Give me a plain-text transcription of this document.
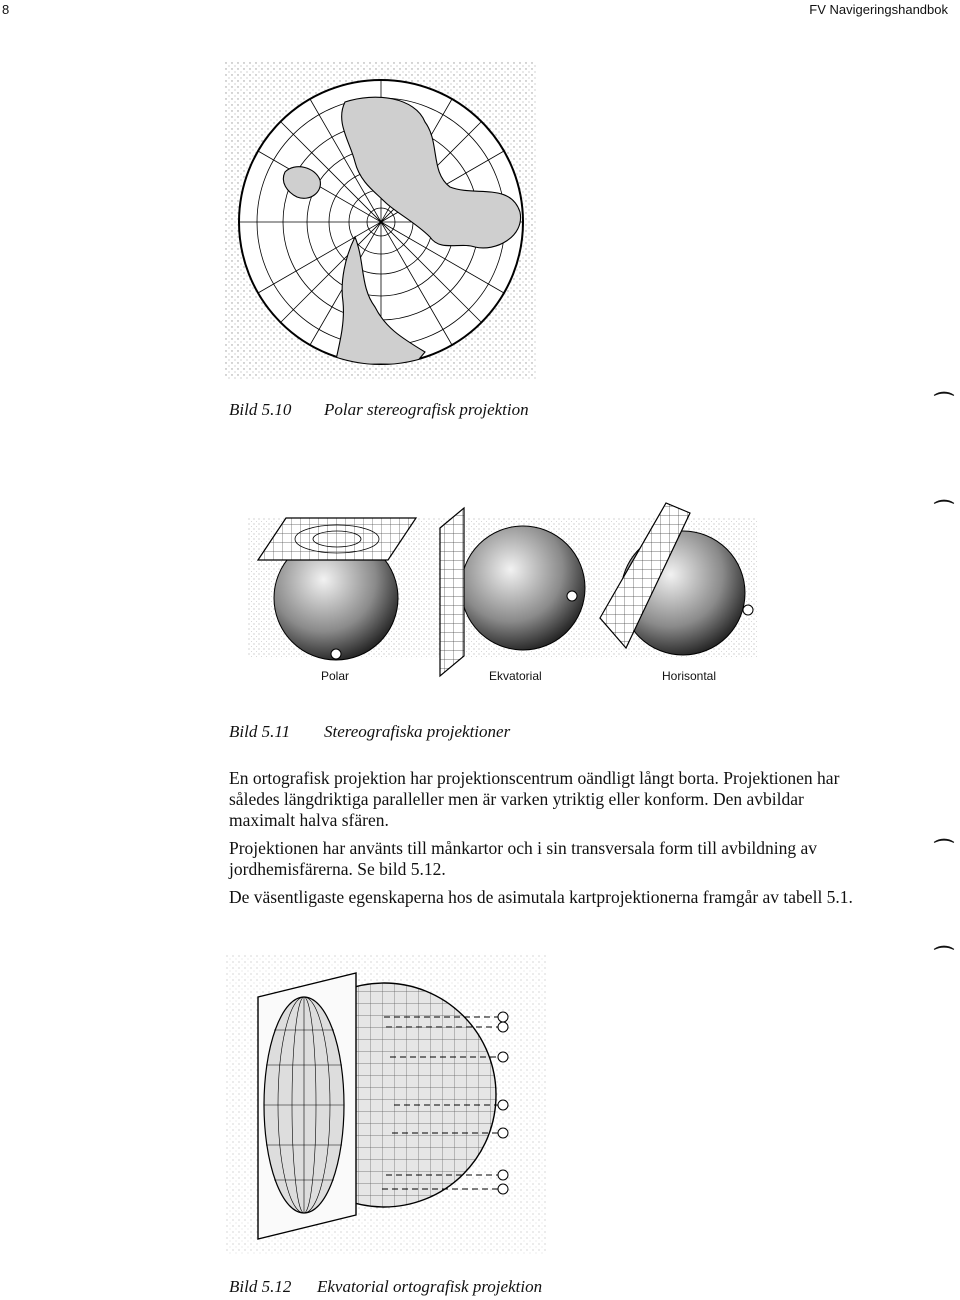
8	FV Navigeringshandbok
Bild 5.10 Polar stereografisk projektion
Polar	Ekvatorial	Horisontal
Bild 5.11 Stereografiska projektioner

En ortografisk projektion har projektionscentrum oändligt långt borta. Projektionen har således längdriktiga paralleller men är varken ytriktig eller konform. Den avbildar maximalt halva sfären.

Projektionen har använts till månkartor och i sin transversala form till avbildning av jordhemisfärerna. Se bild 5.12.

De väsentligaste egenskaperna hos de asimutala kartprojektionerna framgår av tabell 5.1.

Bild 5.12 Ekvatorial ortografisk projektion
⌒
⌒
⌒
⌒
